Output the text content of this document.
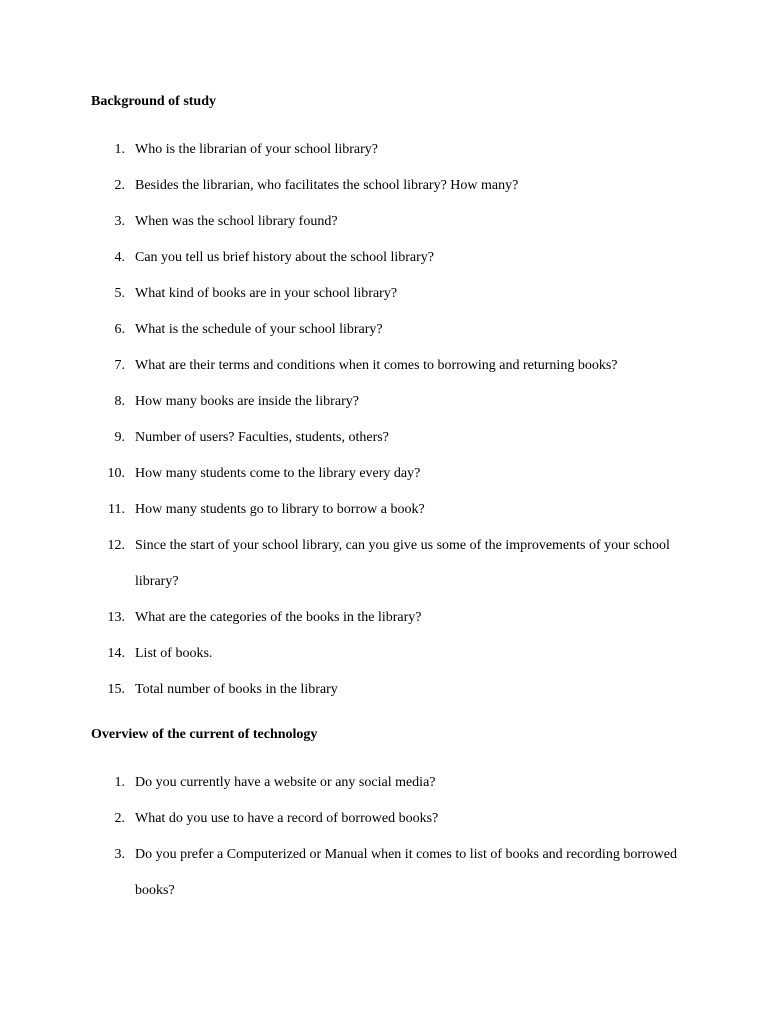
Background of study
1. Who is the librarian of your school library?
2. Besides the librarian, who facilitates the school library? How many?
3. When was the school library found?
4. Can you tell us brief history about the school library?
5. What kind of books are in your school library?
6. What is the schedule of your school library?
7. What are their terms and conditions when it comes to borrowing and returning books?
8. How many books are inside the library?
9. Number of users? Faculties, students, others?
10. How many students come to the library every day?
11. How many students go to library to borrow a book?
12. Since the start of your school library, can you give us some of the improvements of your school library?
13. What are the categories of the books in the library?
14. List of books.
15. Total number of books in the library
Overview of the current of technology
1. Do you currently have a website or any social media?
2. What do you use to have a record of borrowed books?
3. Do you prefer a Computerized or Manual when it comes to list of books and recording borrowed books?
